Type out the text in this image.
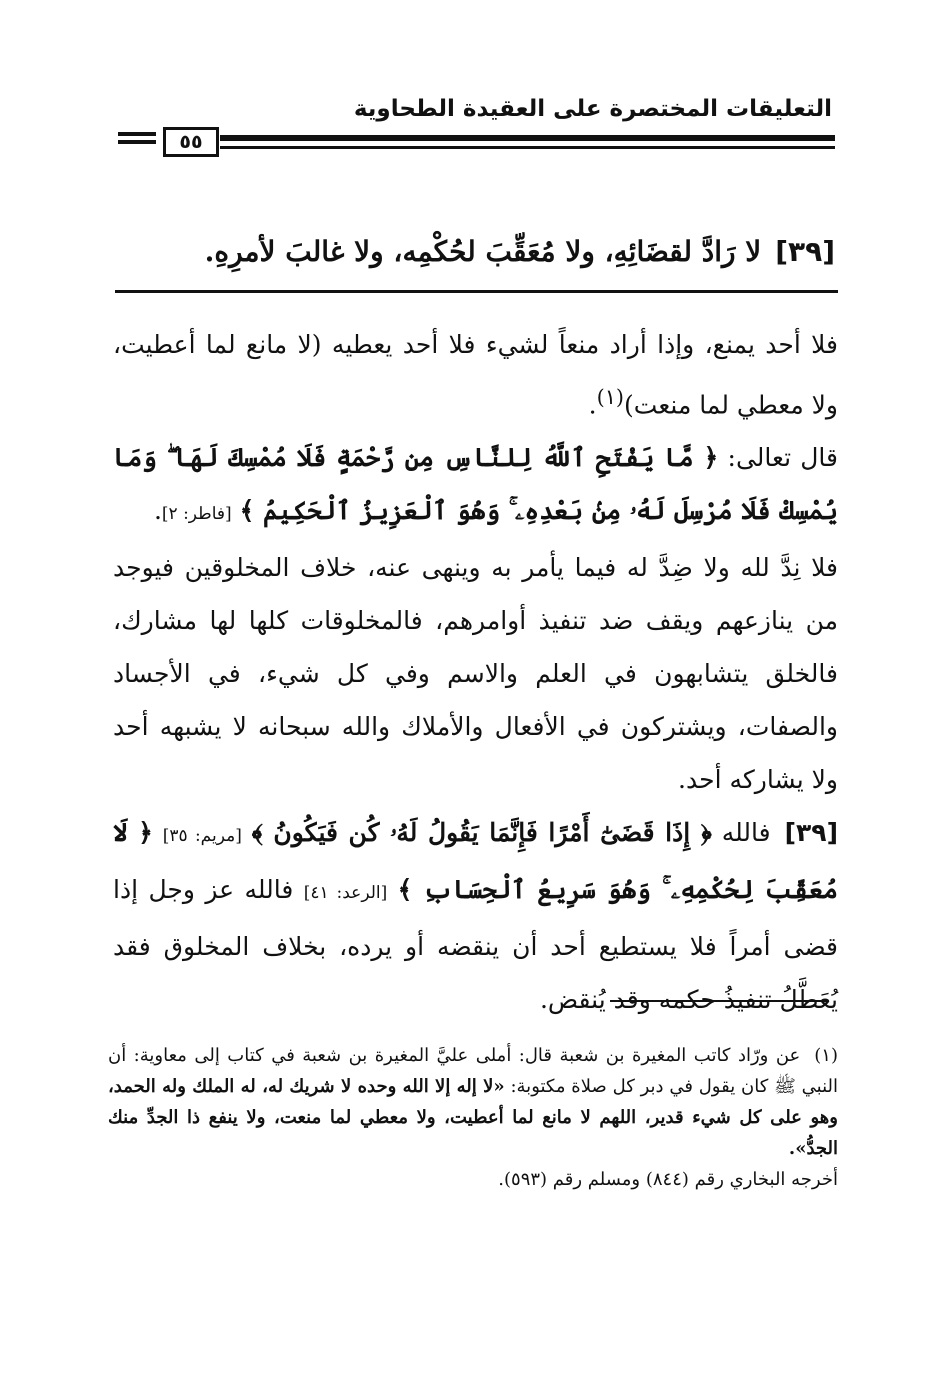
التعليقات المختصرة على العقيدة الطحاوية
٥٥
[٣٩]لا رَادَّ لقضَائِهِ، ولا مُعَقِّبَ لحُكْمِه، ولا غالبَ لأمرِهِ.

فلا أحد يمنع، وإذا أراد منعاً لشيء فلا أحد يعطيه (لا مانع لما أعطيت، ولا معطي لما منعت)$^{(١)}$.

قال تعالى: ﴿ مَّا يَفْتَحِ ٱللَّهُ لِلنَّاسِ مِن رَّحْمَةٍ فَلَا مُمْسِكَ لَهَا ۖ وَمَا يُمْسِكْ فَلَا مُرْسِلَ لَهُۥ مِنۢ بَعْدِهِۦ ۚ وَهُوَ ٱلْعَزِيزُ ٱلْحَكِيمُ ﴾ [فاطر: ٢].

فلا نِدَّ لله ولا ضِدَّ له فيما يأمر به وينهى عنه، خلاف المخلوقين فيوجد من ينازعهم ويقف ضد تنفيذ أوامرهم، فالمخلوقات كلها لها مشارك، فالخلق يتشابهون في العلم والاسم وفي كل شيء، في الأجساد والصفات، ويشتركون في الأفعال والأملاك والله سبحانه لا يشبهه أحد ولا يشاركه أحد.

[٣٩]فالله ﴿ إِذَا قَضَىٰٓ أَمْرًا فَإِنَّمَا يَقُولُ لَهُۥ كُن فَيَكُونُ ﴾ [مريم: ٣٥] ﴿ لَا مُعَقِّبَ لِحُكْمِهِۦ ۚ وَهُوَ سَرِيعُ ٱلْحِسَابِ ﴾ [الرعد: ٤١] فالله عز وجل إذا قضى أمراً فلا يستطيع أحد أن ينقضه أو يرده، بخلاف المخلوق فقد يُعَطَّلُ تنفيذُ حكمه وقد يُنقض.

(١)عن ورّاد كاتب المغيرة بن شعبة قال: أملى عليَّ المغيرة بن شعبة في كتاب إلى معاوية: أن النبي ﷺ كان يقول في دبر كل صلاة مكتوبة: «لا إله إلا الله وحده لا شريك له، له الملك وله الحمد، وهو على كل شيء قدير، اللهم لا مانع لما أعطيت، ولا معطي لما منعت، ولا ينفع ذا الجدِّ منك الجدُّ».

أخرجه البخاري رقم (٨٤٤) ومسلم رقم (٥٩٣).
